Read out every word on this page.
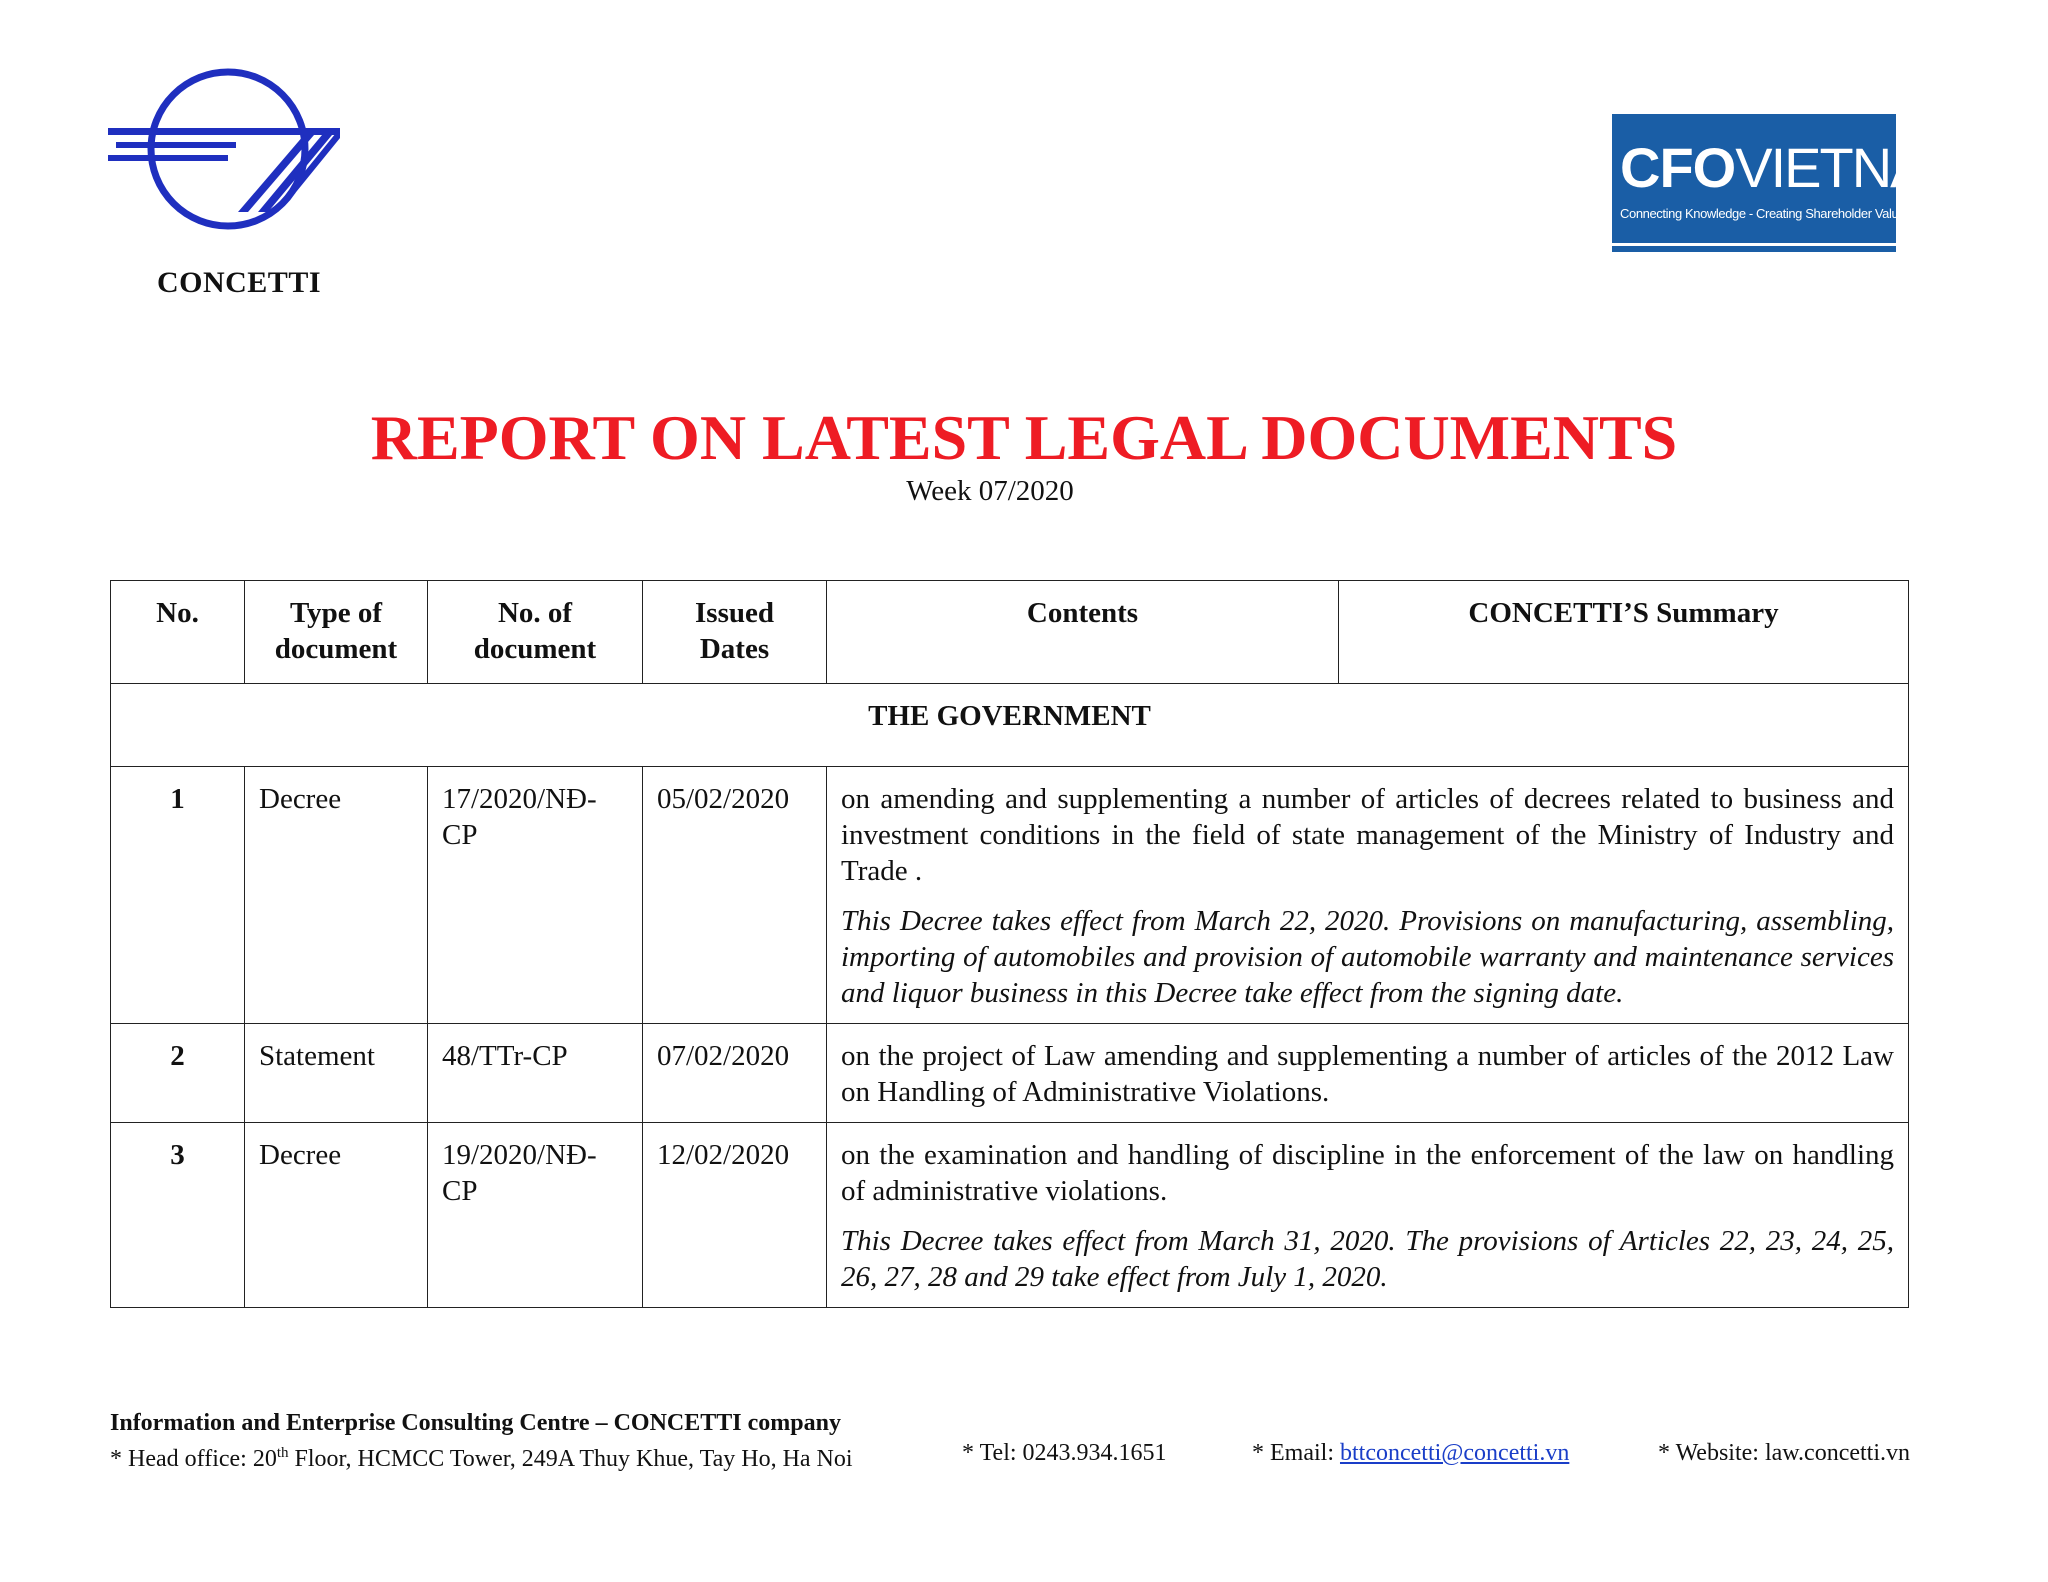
CONCETTI
CFOVIETNAM
Connecting Knowledge - Creating Shareholder Value
REPORT ON LATEST LEGAL DOCUMENTS
Week 07/2020
No.	Type of document	No. of document	Issued Dates	Contents	CONCETTI’S Summary
THE GOVERNMENT					
1	Decree	17/2020/NĐ-CP	05/02/2020	on amending and supplementing a number of articles of decrees related to business and investment conditions in the field of state management of the Ministry of Industry and Trade .

This Decree takes effect from March 22, 2020. Provisions on manufacturing, assembling, importing of automobiles and provision of automobile warranty and maintenance services and liquor business in this Decree take effect from the signing date.	

2	Statement	48/TTr-CP	07/02/2020	on the project of Law amending and supplementing a number of articles of the 2012 Law on Handling of Administrative Violations.	

3	Decree	19/2020/NĐ-CP	12/02/2020	on the examination and handling of discipline in the enforcement of the law on handling of administrative violations.

This Decree takes effect from March 31, 2020. The provisions of Articles 22, 23, 24, 25, 26, 27, 28 and 29 take effect from July 1, 2020.	

Information and Enterprise Consulting Centre – CONCETTI company
* Head office: 20th Floor, HCMCC Tower, 249A Thuy Khue, Tay Ho, Ha Noi	* Tel: 0243.934.1651	* Email: bttconcetti@concetti.vn	* Website: law.concetti.vn
